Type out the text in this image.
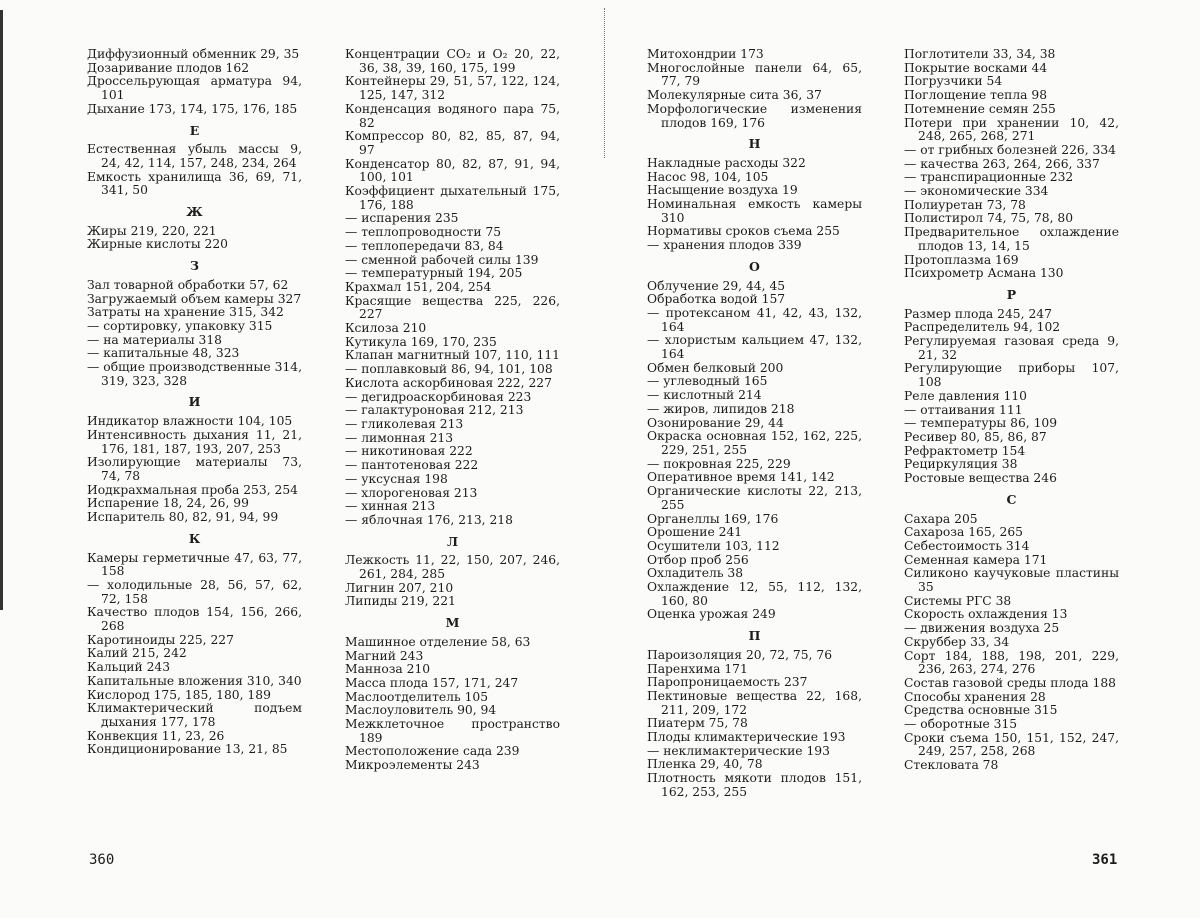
Диффузионный обменник 29, 35
Дозаривание плодов 162
Дроссельрующая арматура 94, 101
Дыхание 173, 174, 175, 176, 185
Е
Естественная убыль массы 9, 24, 42, 114, 157, 248, 234, 264
Емкость хранилища 36, 69, 71, 341, 50
Ж
Жиры 219, 220, 221
Жирные кислоты 220
З
Зал товарной обработки 57, 62
Загружаемый объем камеры 327
Затраты на хранение 315, 342
— сортировку, упаковку 315
— на материалы 318
— капитальные 48, 323
— общие производственные 314, 319, 323, 328
И
Индикатор влажности 104, 105
Интенсивность дыхания 11, 21, 176, 181, 187, 193, 207, 253
Изолирующие материалы 73, 74, 78
Иодкрахмальная проба 253, 254
Испарение 18, 24, 26, 99
Испаритель 80, 82, 91, 94, 99
К
Камеры герметичные 47, 63, 77, 158
— холодильные 28, 56, 57, 62, 72, 158
Качество плодов 154, 156, 266, 268
Каротиноиды 225, 227
Калий 215, 242
Кальций 243
Капитальные вложения 310, 340
Кислород 175, 185, 180, 189
Климактерический подъем дыхания 177, 178
Конвекция 11, 23, 26
Кондиционирование 13, 21, 85
Концентрации CO₂ и O₂ 20, 22, 36, 38, 39, 160, 175, 199
Контейнеры 29, 51, 57, 122, 124, 125, 147, 312
Конденсация водяного пара 75, 82
Компрессор 80, 82, 85, 87, 94, 97
Конденсатор 80, 82, 87, 91, 94, 100, 101
Коэффициент дыхательный 175, 176, 188
— испарения 235
— теплопроводности 75
— теплопередачи 83, 84
— сменной рабочей силы 139
— температурный 194, 205
Крахмал 151, 204, 254
Красящие вещества 225, 226, 227
Ксилоза 210
Кутикула 169, 170, 235
Клапан магнитный 107, 110, 111
— поплавковый 86, 94, 101, 108
Кислота аскорбиновая 222, 227
— дегидроаскорбиновая 223
— галактуроновая 212, 213
— гликолевая 213
— лимонная 213
— никотиновая 222
— пантотеновая 222
— уксусная 198
— хлорогеновая 213
— хинная 213
— яблочная 176, 213, 218
Л
Лежкость 11, 22, 150, 207, 246, 261, 284, 285
Лигнин 207, 210
Липиды 219, 221
М
Машинное отделение 58, 63
Магний 243
Манноза 210
Масса плода 157, 171, 247
Маслоотделитель 105
Маслоуловитель 90, 94
Межклеточное пространство 189
Местоположение сада 239
Микроэлементы 243
360
Митохондрии 173
Многослойные панели 64, 65, 77, 79
Молекулярные сита 36, 37
Морфологические изменения плодов 169, 176
Н
Накладные расходы 322
Насос 98, 104, 105
Насыщение воздуха 19
Номинальная емкость камеры 310
Нормативы сроков съема 255
— хранения плодов 339
О
Облучение 29, 44, 45
Обработка водой 157
— протексаном 41, 42, 43, 132, 164
— хлористым кальцием 47, 132, 164
Обмен белковый 200
— углеводный 165
— кислотный 214
— жиров, липидов 218
Озонирование 29, 44
Окраска основная 152, 162, 225, 229, 251, 255
— покровная 225, 229
Оперативное время 141, 142
Органические кислоты 22, 213, 255
Органеллы 169, 176
Орошение 241
Осушители 103, 112
Отбор проб 256
Охладитель 38
Охлаждение 12, 55, 112, 132, 160, 80
Оценка урожая 249
П
Пароизоляция 20, 72, 75, 76
Паренхима 171
Паропроницаемость 237
Пектиновые вещества 22, 168, 211, 209, 172
Пиатерм 75, 78
Плоды климактерические 193
— неклимактерические 193
Пленка 29, 40, 78
Плотность мякоти плодов 151, 162, 253, 255
Поглотители 33, 34, 38
Покрытие восками 44
Погрузчики 54
Поглощение тепла 98
Потемнение семян 255
Потери при хранении 10, 42, 248, 265, 268, 271
— от грибных болезней 226, 334
— качества 263, 264, 266, 337
— транспирационные 232
— экономические 334
Полиуретан 73, 78
Полистирол 74, 75, 78, 80
Предварительное охлаждение плодов 13, 14, 15
Протоплазма 169
Психрометр Асмана 130
Р
Размер плода 245, 247
Распределитель 94, 102
Регулируемая газовая среда 9, 21, 32
Регулирующие приборы 107, 108
Реле давления 110
— оттаивания 111
— температуры 86, 109
Ресивер 80, 85, 86, 87
Рефрактометр 154
Рециркуляция 38
Ростовые вещества 246
С
Сахара 205
Сахароза 165, 265
Себестоимость 314
Семенная камера 171
Силиконо каучуковые пластины 35
Системы РГС 38
Скорость охлаждения 13
— движения воздуха 25
Скруббер 33, 34
Сорт 184, 188, 198, 201, 229, 236, 263, 274, 276
Состав газовой среды плода 188
Способы хранения 28
Средства основные 315
— оборотные 315
Сроки съема 150, 151, 152, 247, 249, 257, 258, 268
Стекловата 78
361
